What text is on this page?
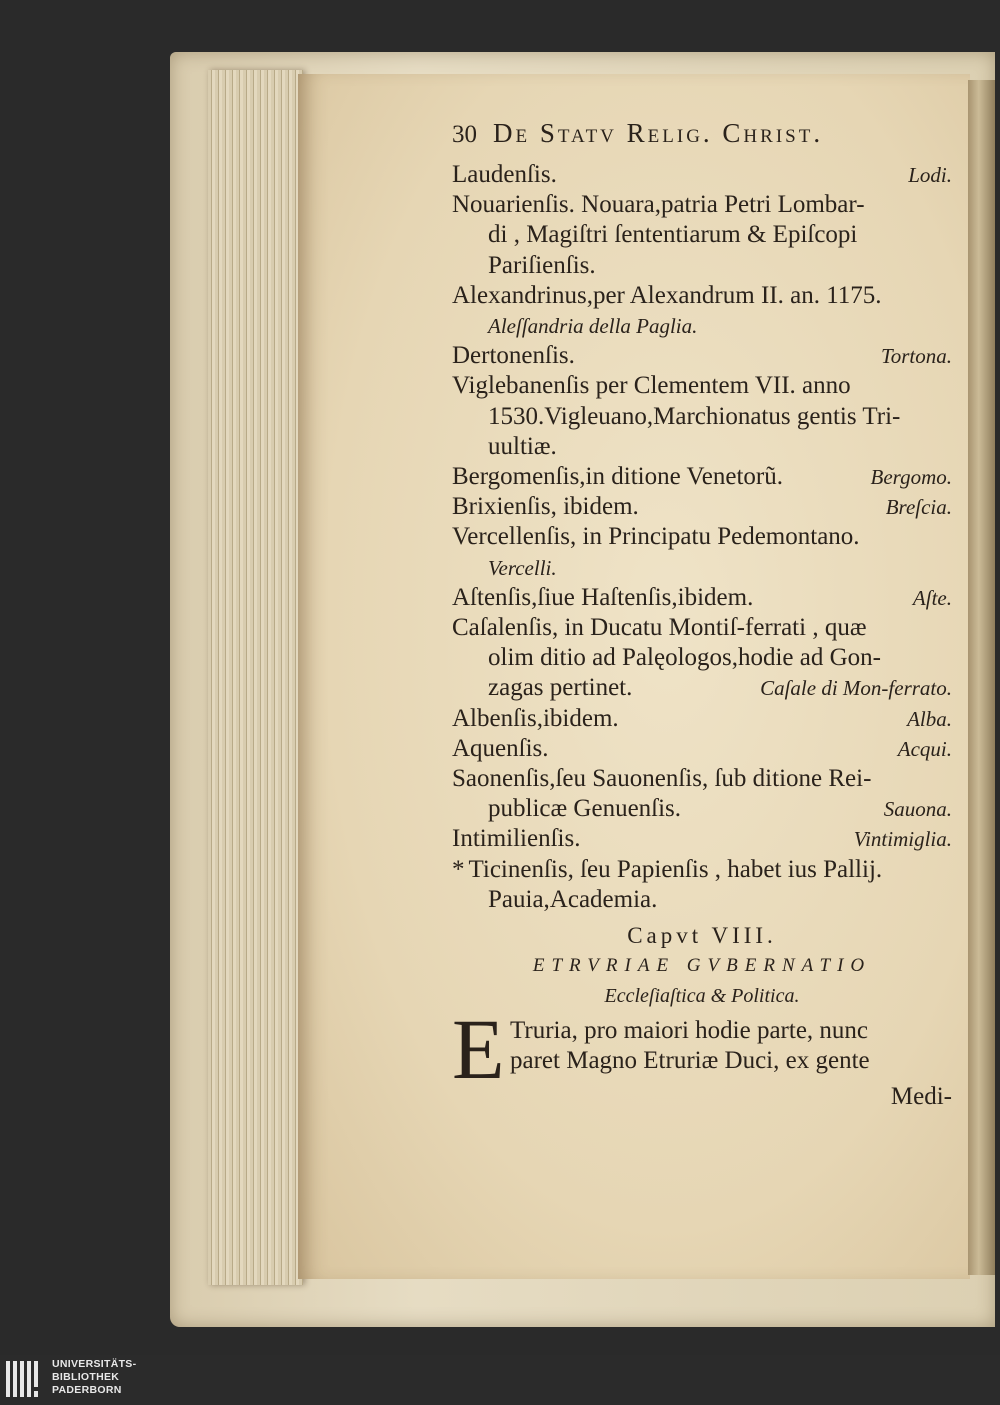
30 De Statv Relig. Christ.
Laudenſis.	Lodi.
Nouarienſis. Nouara,patria Petri Lombar-
di , Magiſtri ſententiarum & Epiſcopi
Pariſienſis.
Alexandrinus,per Alexandrum II. an. 1175.
Aleſſandria della Paglia.
Dertonenſis.	Tortona.
Viglebanenſis per Clementem VII. anno
1530.Vigleuano,Marchionatus gentis Tri-
uultiæ.
Bergomenſis,in ditione Venetorũ.	Bergomo.
Brixienſis, ibidem.	Breſcia.
Vercellenſis, in Principatu Pedemontano.
Vercelli.
Aſtenſis,ſiue Haſtenſis,ibidem.	Aſte.
Caſalenſis, in Ducatu Montiſ-ferrati , quæ
olim ditio ad Palęologos,hodie ad Gon-
zagas pertinet.	Caſale di Mon-ferrato.
Albenſis,ibidem.	Alba.
Aquenſis.	Acqui.
Saonenſis,ſeu Sauonenſis, ſub ditione Rei-
publicæ Genuenſis.	Sauona.
Intimilienſis.	Vintimiglia.
* Ticinenſis, ſeu Papienſis , habet ius Pallij.
Pauia,Academia.
Capvt VIII.
ETRVRIAE GVBERNATIO
Eccleſiaſtica & Politica.
E Truria, pro maiori hodie parte, nunc
paret Magno Etruriæ Duci, ex gente
Medi-
UNIVERSITÄTS-
BIBLIOTHEK
PADERBORN
